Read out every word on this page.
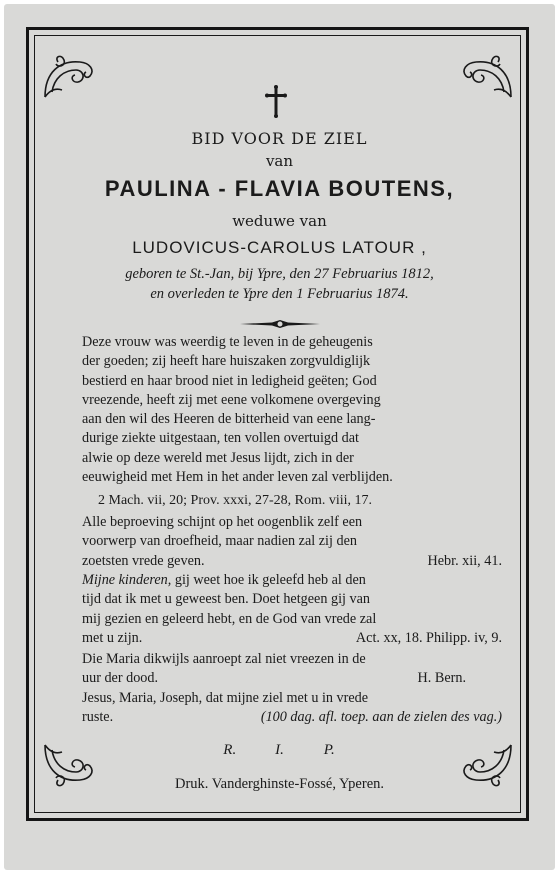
BID VOOR DE ZIEL
van
PAULINA - FLAVIA BOUTENS,
weduwe van
LUDOVICUS-CAROLUS LATOUR ,
geboren te St.-Jan, bij Ypre, den 27 Februarius 1812,
en overleden te Ypre den 1 Februarius 1874.
Deze vrouw was weerdig te leven in de geheugenis
der goeden; zij heeft hare huiszaken zorgvuldiglijk
bestierd en haar brood niet in ledigheid geëten; God
vreezende, heeft zij met eene volkomene overgeving
aan den wil des Heeren de bitterheid van eene lang-
durige ziekte uitgestaan, ten vollen overtuigd dat
alwie op deze wereld met Jesus lijdt, zich in der
eeuwigheid met Hem in het ander leven zal verblijden.
2 Mach. vii, 20; Prov. xxxi, 27-28, Rom. viii, 17.
Alle beproeving schijnt op het oogenblik zelf een
voorwerp van droefheid, maar nadien zal zij den
zoetsten vrede geven.	Hebr. xii, 41.
Mijne kinderen, gij weet hoe ik geleefd heb al den
tijd dat ik met u geweest ben. Doet hetgeen gij van
mij gezien en geleerd hebt, en de God van vrede zal
met u zijn.	Act. xx, 18. Philipp. iv, 9.
Die Maria dikwijls aanroept zal niet vreezen in de
uur der dood.	H. Bern.
Jesus, Maria, Joseph, dat mijne ziel met u in vrede
ruste.	(100 dag. afl. toep. aan de zielen des vag.)
R.	I.	P.
Druk. Vanderghinste-Fossé, Yperen.
